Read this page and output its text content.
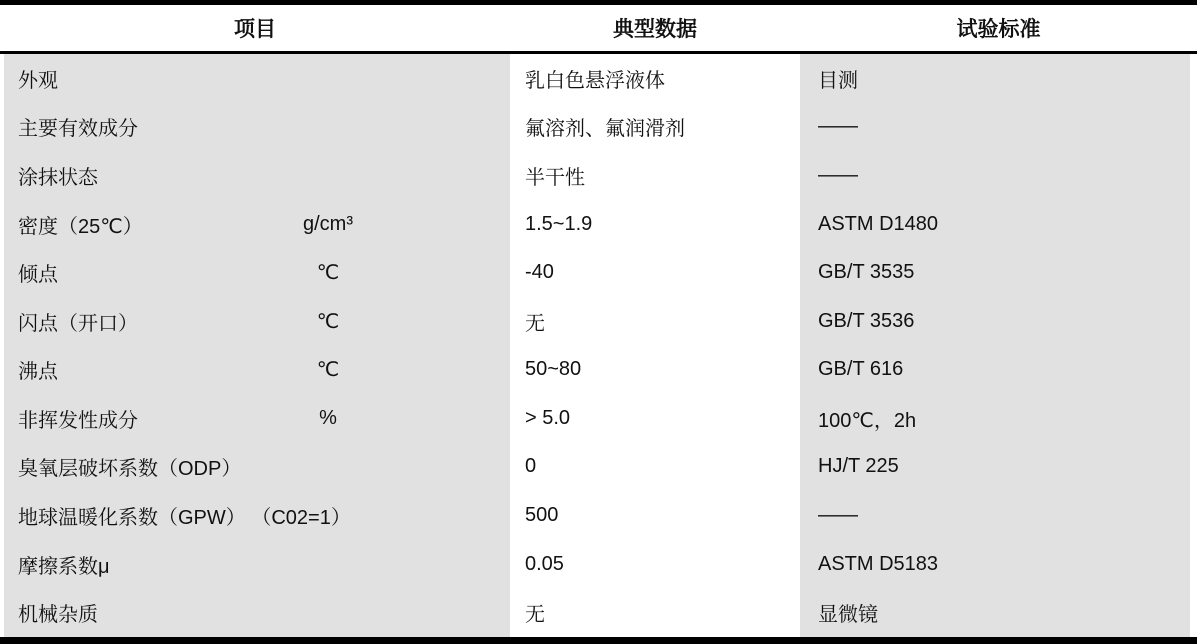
项目	典型数据	试验标准
外观	乳白色悬浮液体	目测
主要有效成分	氟溶剂、氟润滑剂	——
涂抹状态	半干性	——
密度（25℃）	g/cm³	1.5~1.9	ASTM D1480
倾点	℃	-40	GB/T 3535
闪点（开口）	℃	无	GB/T 3536
沸点	℃	50~80	GB/T 616
非挥发性成分	%	> 5.0	100℃，2h
臭氧层破坏系数（ODP）	0	HJ/T 225
地球温暖化系数（GPW） （C02=1）	500	——
摩擦系数μ	0.05	ASTM D5183
机械杂质	无	显微镜
